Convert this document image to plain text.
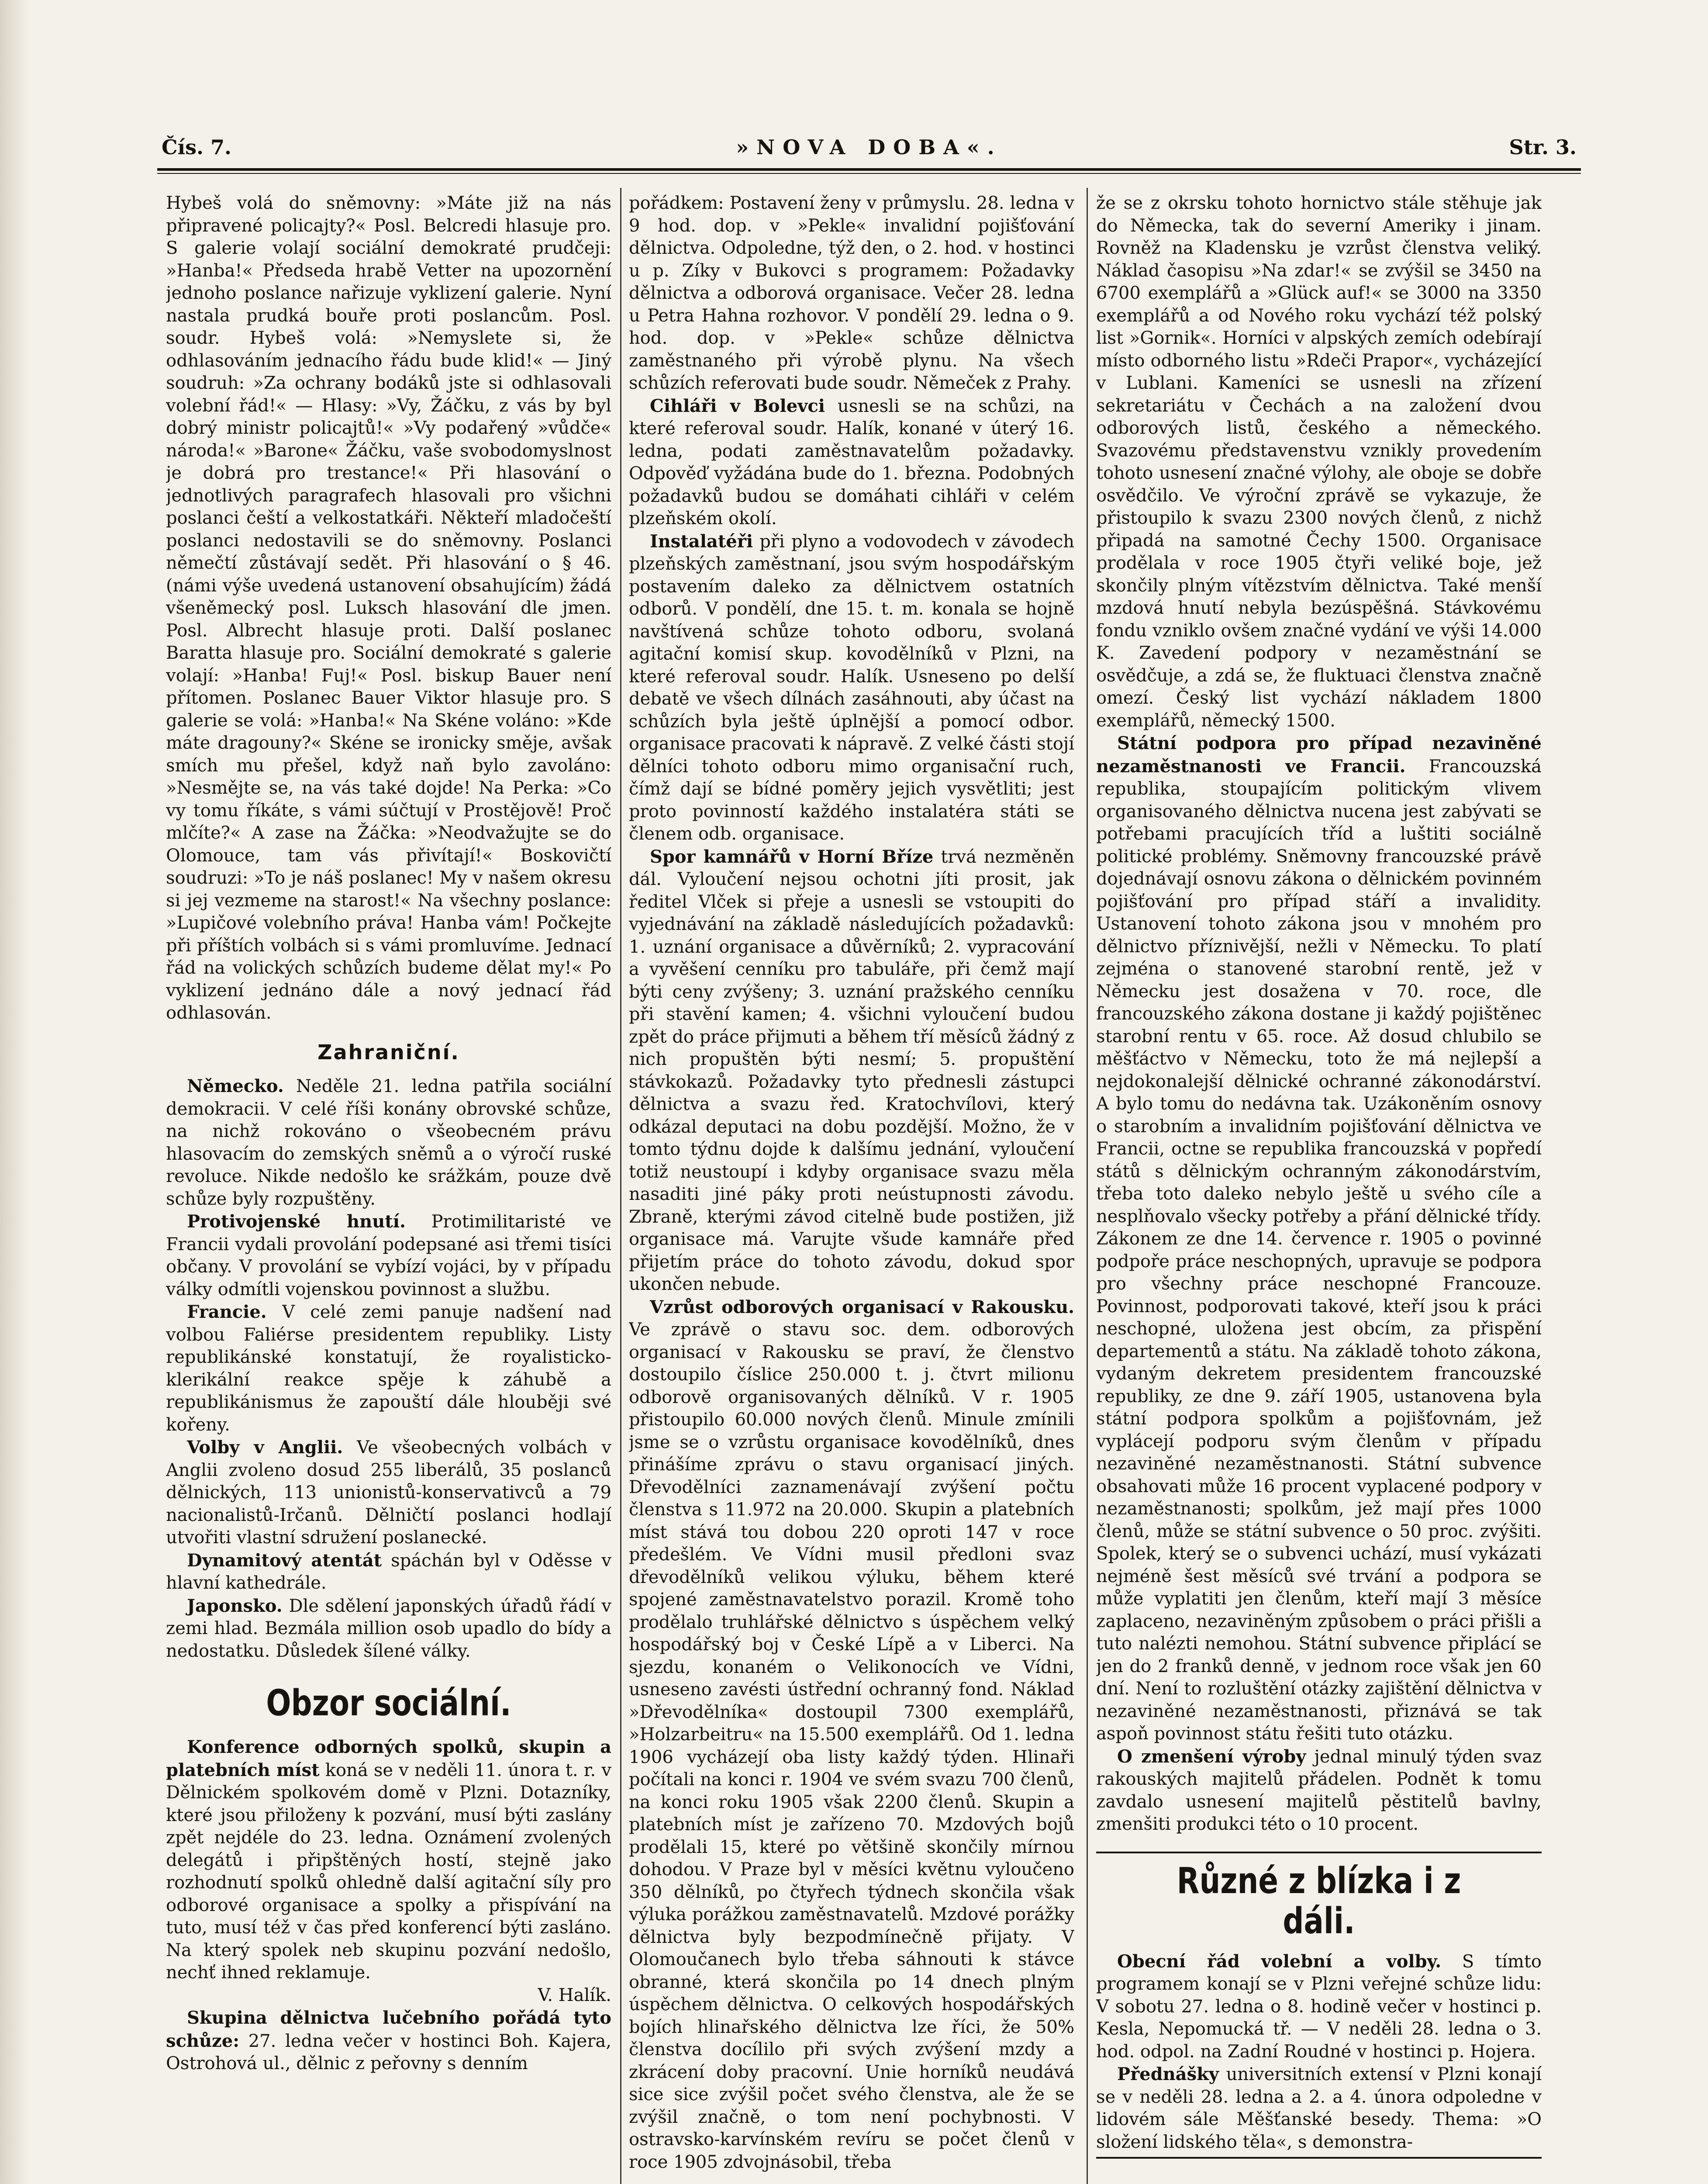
Čís. 7.	»NOVA DOBA«.	Str. 3.

Hybeš volá do sněmovny: »Máte již na nás připravené policajty?« Posl. Belcredi hlasuje pro. S galerie volají sociální demokraté prudčeji: »Hanba!« Předseda hrabě Vetter na upozornění jednoho poslance nařizuje vyklizení galerie. Nyní nastala prudká bouře proti poslancům. Posl. soudr. Hybeš volá: »Nemyslete si, že odhlasováním jednacího řádu bude klid!« — Jiný soudruh: »Za ochrany bodáků jste si odhlasovali volební řád!« — Hlasy: »Vy, Žáčku, z vás by byl dobrý ministr policajtů!« »Vy podařený »vůdče« národa!« »Barone« Žáčku, vaše svobodomyslnost je dobrá pro trestance!« Při hlasování o jednotlivých paragrafech hlasovali pro všichni poslanci čeští a velkostatkáři. Někteří mladočeští poslanci nedostavili se do sněmovny. Poslanci němečtí zůstávají sedět. Při hlasování o § 46. (námi výše uvedená ustanovení obsahujícím) žádá všeněmecký posl. Luksch hlasování dle jmen. Posl. Albrecht hlasuje proti. Další poslanec Baratta hlasuje pro. Sociální demokraté s galerie volají: »Hanba! Fuj!« Posl. biskup Bauer není přítomen. Poslanec Bauer Viktor hlasuje pro. S galerie se volá: »Hanba!« Na Skéne voláno: »Kde máte dragouny?« Skéne se ironicky směje, avšak smích mu přešel, když naň bylo zavoláno: »Nesmějte se, na vás také dojde! Na Perka: »Co vy tomu říkáte, s vámi súčtují v Prostějově! Proč mlčíte?« A zase na Žáčka: »Neodvažujte se do Olomouce, tam vás přivítají!« Boskovičtí soudruzi: »To je náš poslanec! My v našem okresu si jej vezmeme na starost!« Na všechny poslance: »Lupičové volebního práva! Hanba vám! Počkejte při příštích volbách si s vámi promluvíme. Jednací řád na volických schůzích budeme dělat my!« Po vyklizení jednáno dále a nový jednací řád odhlasován.

Zahraniční.

Německo. Neděle 21. ledna patřila sociální demokracii. V celé říši konány obrovské schůze, na nichž rokováno o všeobecném právu hlasovacím do zemských sněmů a o výročí ruské revoluce. Nikde nedošlo ke srážkám, pouze dvě schůze byly rozpuštěny.

Protivojenské hnutí. Protimilitaristé ve Francii vydali provolání podepsané asi třemi tisíci občany. V provolání se vybízí vojáci, by v případu války odmítli vojenskou povinnost a službu.

Francie. V celé zemi panuje nadšení nad volbou Faliérse presidentem republiky. Listy republikánské konstatují, že royalisticko-klerikální reakce spěje k záhubě a republikánismus že zapouští dále hlouběji své kořeny.

Volby v Anglii. Ve všeobecných volbách v Anglii zvoleno dosud 255 liberálů, 35 poslanců dělnických, 113 unionistů-konservativců a 79 nacionalistů-Irčanů. Dělničtí poslanci hodlají utvořiti vlastní sdružení poslanecké.

Dynamitový atentát spáchán byl v Oděsse v hlavní kathedrále.

Japonsko. Dle sdělení japonských úřadů řádí v zemi hlad. Bezmála million osob upadlo do bídy a nedostatku. Důsledek šílené války.

Obzor sociální.

Konference odborných spolků, skupin a platebních míst koná se v neděli 11. února t. r. v Dělnickém spolkovém domě v Plzni. Dotazníky, které jsou přiloženy k pozvání, musí býti zaslány zpět nejdéle do 23. ledna. Oznámení zvolených delegátů i připštěných hostí, stejně jako rozhodnutí spolků ohledně další agitační síly pro odborové organisace a spolky a přispívání na tuto, musí též v čas před konferencí býti zasláno. Na který spolek neb skupinu pozvání nedošlo, nechť ihned reklamuje.

V. Halík.

Skupina dělnictva lučebního pořádá tyto schůze: 27. ledna večer v hostinci Boh. Kajera, Ostrohová ul., dělnic z peřovny s denním

pořádkem: Postavení ženy v průmyslu. 28. ledna v 9 hod. dop. v »Pekle« invalidní pojišťování dělnictva. Odpoledne, týž den, o 2. hod. v hostinci u p. Zíky v Bukovci s programem: Požadavky dělnictva a odborová organisace. Večer 28. ledna u Petra Hahna rozhovor. V pondělí 29. ledna o 9. hod. dop. v »Pekle« schůze dělnictva zaměstnaného při výrobě plynu. Na všech schůzích referovati bude soudr. Němeček z Prahy.

Cihláři v Bolevci usnesli se na schůzi, na které referoval soudr. Halík, konané v úterý 16. ledna, podati zaměstnavatelům požadavky. Odpověď vyžádána bude do 1. března. Podobných požadavků budou se domáhati cihláři v celém plzeňském okolí.

Instalatéři při plyno a vodovodech v závodech plzeňských zaměstnaní, jsou svým hospodářským postavením daleko za dělnictvem ostatních odborů. V pondělí, dne 15. t. m. konala se hojně navštívená schůze tohoto odboru, svolaná agitační komisí skup. kovodělníků v Plzni, na které referoval soudr. Halík. Usneseno po delší debatě ve všech dílnách zasáhnouti, aby účast na schůzích byla ještě úplnější a pomocí odbor. organisace pracovati k nápravě. Z velké části stojí dělníci tohoto odboru mimo organisační ruch, čímž dají se bídné poměry jejich vysvětliti; jest proto povinností každého instalatéra státi se členem odb. organisace.

Spor kamnářů v Horní Bříze trvá nezměněn dál. Vyloučení nejsou ochotni jíti prosit, jak ředitel Vlček si přeje a usnesli se vstoupiti do vyjednávání na základě následujících požadavků: 1. uznání organisace a důvěrníků; 2. vypracování a vyvěšení cenníku pro tabuláře, při čemž mají býti ceny zvýšeny; 3. uznání pražského cenníku při stavění kamen; 4. všichni vyloučení budou zpět do práce přijmuti a během tří měsíců žádný z nich propuštěn býti nesmí; 5. propuštění stávkokazů. Požadavky tyto přednesli zástupci dělnictva a svazu řed. Kratochvílovi, který odkázal deputaci na dobu pozdější. Možno, že v tomto týdnu dojde k dalšímu jednání, vyloučení totiž neustoupí i kdyby organisace svazu měla nasaditi jiné páky proti neústupnosti závodu. Zbraně, kterými závod citelně bude postižen, již organisace má. Varujte všude kamnáře před přijetím práce do tohoto závodu, dokud spor ukončen nebude.

Vzrůst odborových organisací v Rakousku. Ve zprávě o stavu soc. dem. odborových organisací v Rakousku se praví, že členstvo dostoupilo číslice 250.000 t. j. čtvrt milionu odborově organisovaných dělníků. V r. 1905 přistoupilo 60.000 nových členů. Minule zmínili jsme se o vzrůstu organisace kovodělníků, dnes přinášíme zprávu o stavu organisací jiných. Dřevodělníci zaznamenávají zvýšení počtu členstva s 11.972 na 20.000. Skupin a platebních míst stává tou dobou 220 oproti 147 v roce předešlém. Ve Vídni musil předloni svaz dřevodělníků velikou výluku, během které spojené zaměstnavatelstvo porazil. Kromě toho prodělalo truhlářské dělnictvo s úspěchem velký hospodářský boj v České Lípě a v Liberci. Na sjezdu, konaném o Velikonocích ve Vídni, usneseno zavésti ústřední ochranný fond. Náklad »Dřevodělníka« dostoupil 7300 exemplářů, »Holzarbeitru« na 15.500 exemplářů. Od 1. ledna 1906 vycházejí oba listy každý týden. Hlinaři počítali na konci r. 1904 ve svém svazu 700 členů, na konci roku 1905 však 2200 členů. Skupin a platebních míst je zařízeno 70. Mzdových bojů prodělali 15, které po většině skončily mírnou dohodou. V Praze byl v měsíci květnu vyloučeno 350 dělníků, po čtyřech týdnech skončila však výluka porážkou zaměstnavatelů. Mzdové porážky dělnictva byly bezpodmínečně přijaty. V Olomoučanech bylo třeba sáhnouti k stávce obranné, která skončila po 14 dnech plným úspěchem dělnictva. O celkových hospodářských bojích hlinařského dělnictva lze říci, že 50% členstva docílilo při svých zvýšení mzdy a zkrácení doby pracovní. Unie horníků neudává sice sice zvýšil počet svého členstva, ale že se zvýšil značně, o tom není pochybnosti. V ostravsko-karvínském revíru se počet členů v roce 1905 zdvojnásobil, třeba

že se z okrsku tohoto hornictvo stále stěhuje jak do Německa, tak do severní Ameriky i jinam. Rovněž na Kladensku je vzrůst členstva veliký. Náklad časopisu »Na zdar!« se zvýšil se 3450 na 6700 exemplářů a »Glück auf!« se 3000 na 3350 exemplářů a od Nového roku vychází též polský list »Gornik«. Horníci v alpských zemích odebírají místo odborného listu »Rdeči Prapor«, vycházející v Lublani. Kameníci se usnesli na zřízení sekretariátu v Čechách a na založení dvou odborových listů, českého a německého. Svazovému představenstvu vznikly provedením tohoto usnesení značné výlohy, ale oboje se dobře osvědčilo. Ve výroční zprávě se vykazuje, že přistoupilo k svazu 2300 nových členů, z nichž připadá na samotné Čechy 1500. Organisace prodělala v roce 1905 čtyři veliké boje, jež skončily plným vítězstvím dělnictva. Také menší mzdová hnutí nebyla bezúspěšná. Stávkovému fondu vzniklo ovšem značné vydání ve výši 14.000 K. Zavedení podpory v nezaměstnání se osvědčuje, a zdá se, že fluktuaci členstva značně omezí. Český list vychází nákladem 1800 exemplářů, německý 1500.

Státní podpora pro případ nezaviněné nezaměstnanosti ve Francii. Francouzská republika, stoupajícím politickým vlivem organisovaného dělnictva nucena jest zabývati se potřebami pracujících tříd a luštiti sociálně politické problémy. Sněmovny francouzské právě dojednávají osnovu zákona o dělnickém povinném pojišťování pro případ stáří a invalidity. Ustanovení tohoto zákona jsou v mnohém pro dělnictvo příznivější, nežli v Německu. To platí zejména o stanovené starobní rentě, jež v Německu jest dosažena v 70. roce, dle francouzského zákona dostane ji každý pojištěnec starobní rentu v 65. roce. Až dosud chlubilo se měšťáctvo v Německu, toto že má nejlepší a nejdokonalejší dělnické ochranné zákonodárství. A bylo tomu do nedávna tak. Uzákoněním osnovy o starobním a invalidním pojišťování dělnictva ve Francii, octne se republika francouzská v popředí států s dělnickým ochranným zákonodárstvím, třeba toto daleko nebylo ještě u svého cíle a nesplňovalo všecky potřeby a přání dělnické třídy. Zákonem ze dne 14. července r. 1905 o povinné podpoře práce neschopných, upravuje se podpora pro všechny práce neschopné Francouze. Povinnost, podporovati takové, kteří jsou k práci neschopné, uložena jest obcím, za přispění departementů a státu. Na základě tohoto zákona, vydaným dekretem presidentem francouzské republiky, ze dne 9. září 1905, ustanovena byla státní podpora spolkům a pojišťovnám, jež vyplácejí podporu svým členům v případu nezaviněné nezaměstnanosti. Státní subvence obsahovati může 16 procent vyplacené podpory v nezaměstnanosti; spolkům, jež mají přes 1000 členů, může se státní subvence o 50 proc. zvýšiti. Spolek, který se o subvenci uchází, musí vykázati nejméně šest měsíců své trvání a podpora se může vyplatiti jen členům, kteří mají 3 měsíce zaplaceno, nezaviněným způsobem o práci přišli a tuto nalézti nemohou. Státní subvence připlácí se jen do 2 franků denně, v jednom roce však jen 60 dní. Není to rozluštění otázky zajištění dělnictva v nezaviněné nezaměstnanosti, přiznává se tak aspoň povinnost státu řešiti tuto otázku.

O zmenšení výroby jednal minulý týden svaz rakouských majitelů přádelen. Podnět k tomu zavdalo usnesení majitelů pěstitelů bavlny, zmenšiti produkci této o 10 procent.

Různé z blízka i z dáli.

Obecní řád volební a volby. S tímto programem konají se v Plzni veřejné schůze lidu: V sobotu 27. ledna o 8. hodině večer v hostinci p. Kesla, Nepomucká tř. — V neděli 28. ledna o 3. hod. odpol. na Zadní Roudné v hostinci p. Hojera.

Přednášky universitních extensí v Plzni konají se v neděli 28. ledna a 2. a 4. února odpoledne v lidovém sále Měšťanské besedy. Thema: »O složení lidského těla«, s demonstra-
